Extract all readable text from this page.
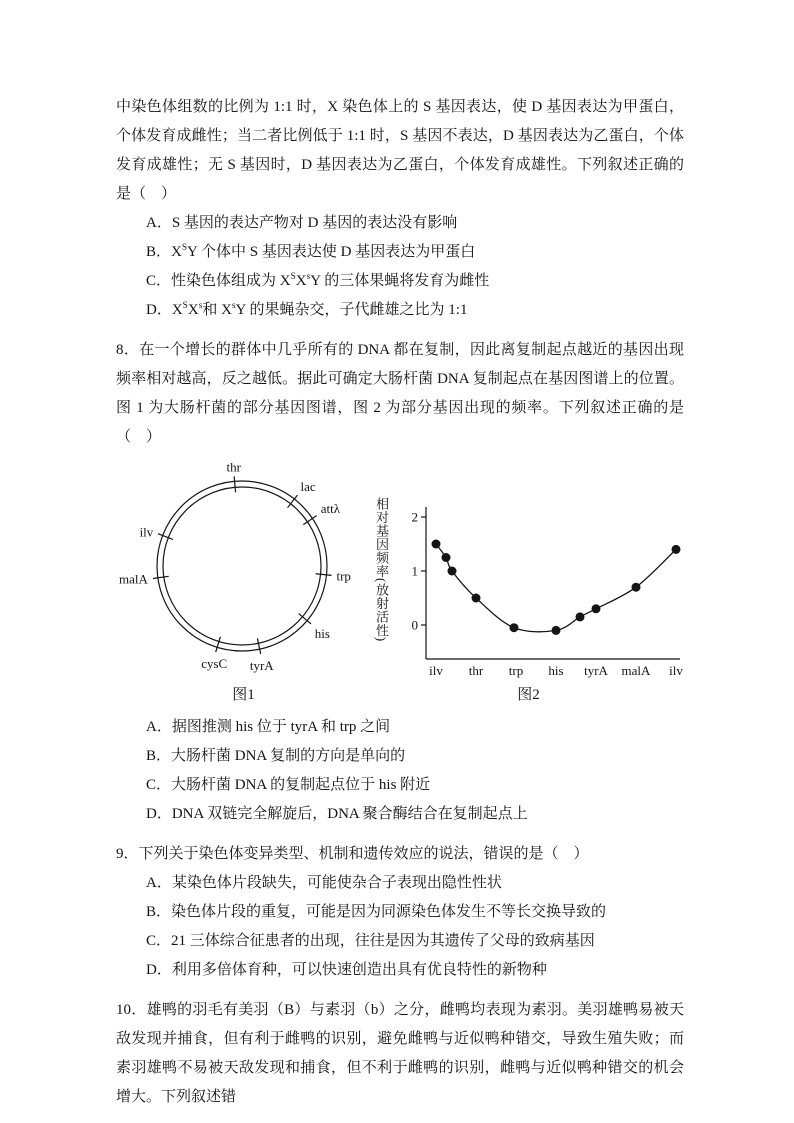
中染色体组数的比例为 1:1 时，X 染色体上的 S 基因表达，使 D 基因表达为甲蛋白，个体发育成雌性；当二者比例低于 1:1 时，S 基因不表达，D 基因表达为乙蛋白，个体发育成雄性；无 S 基因时，D 基因表达为乙蛋白，个体发育成雄性。下列叙述正确的是（　）

A．S 基因的表达产物对 D 基因的表达没有影响
B．$X^SY$ 个体中 S 基因表达使 D 基因表达为甲蛋白
C．性染色体组成为 $X^SX^sY$ 的三体果蝇将发育为雌性
D．$X^SX^s$和 $X^sY$ 的果蝇杂交，子代雌雄之比为 1:1

8．在一个增长的群体中几乎所有的 DNA 都在复制，因此离复制起点越近的基因出现频率相对越高，反之越低。据此可确定大肠杆菌 DNA 复制起点在基因图谱上的位置。图 1 为大肠杆菌的部分基因图谱，图 2 为部分基因出现的频率。下列叙述正确的是（　）

thr
lac
attλ
trp
his
tyrA
cysC
malA
ilv
图1
相对基因频率(放射活性) 0
1
2
ilv thr trp his tyrA malA ilv
图2
A．据图推测 his 位于 tyrA 和 trp 之间
B．大肠杆菌 DNA 复制的方向是单向的
C．大肠杆菌 DNA 的复制起点位于 his 附近
D．DNA 双链完全解旋后，DNA 聚合酶结合在复制起点上

9．下列关于染色体变异类型、机制和遗传效应的说法，错误的是（　）

A．某染色体片段缺失，可能使杂合子表现出隐性性状
B．染色体片段的重复，可能是因为同源染色体发生不等长交换导致的
C．21 三体综合征患者的出现，往往是因为其遗传了父母的致病基因
D．利用多倍体育种，可以快速创造出具有优良特性的新物种

10．雄鸭的羽毛有美羽（B）与素羽（b）之分，雌鸭均表现为素羽。美羽雄鸭易被天敌发现并捕食，但有利于雌鸭的识别，避免雌鸭与近似鸭种错交，导致生殖失败；而素羽雄鸭不易被天敌发现和捕食，但不利于雌鸭的识别，雌鸭与近似鸭种错交的机会增大。下列叙述错
